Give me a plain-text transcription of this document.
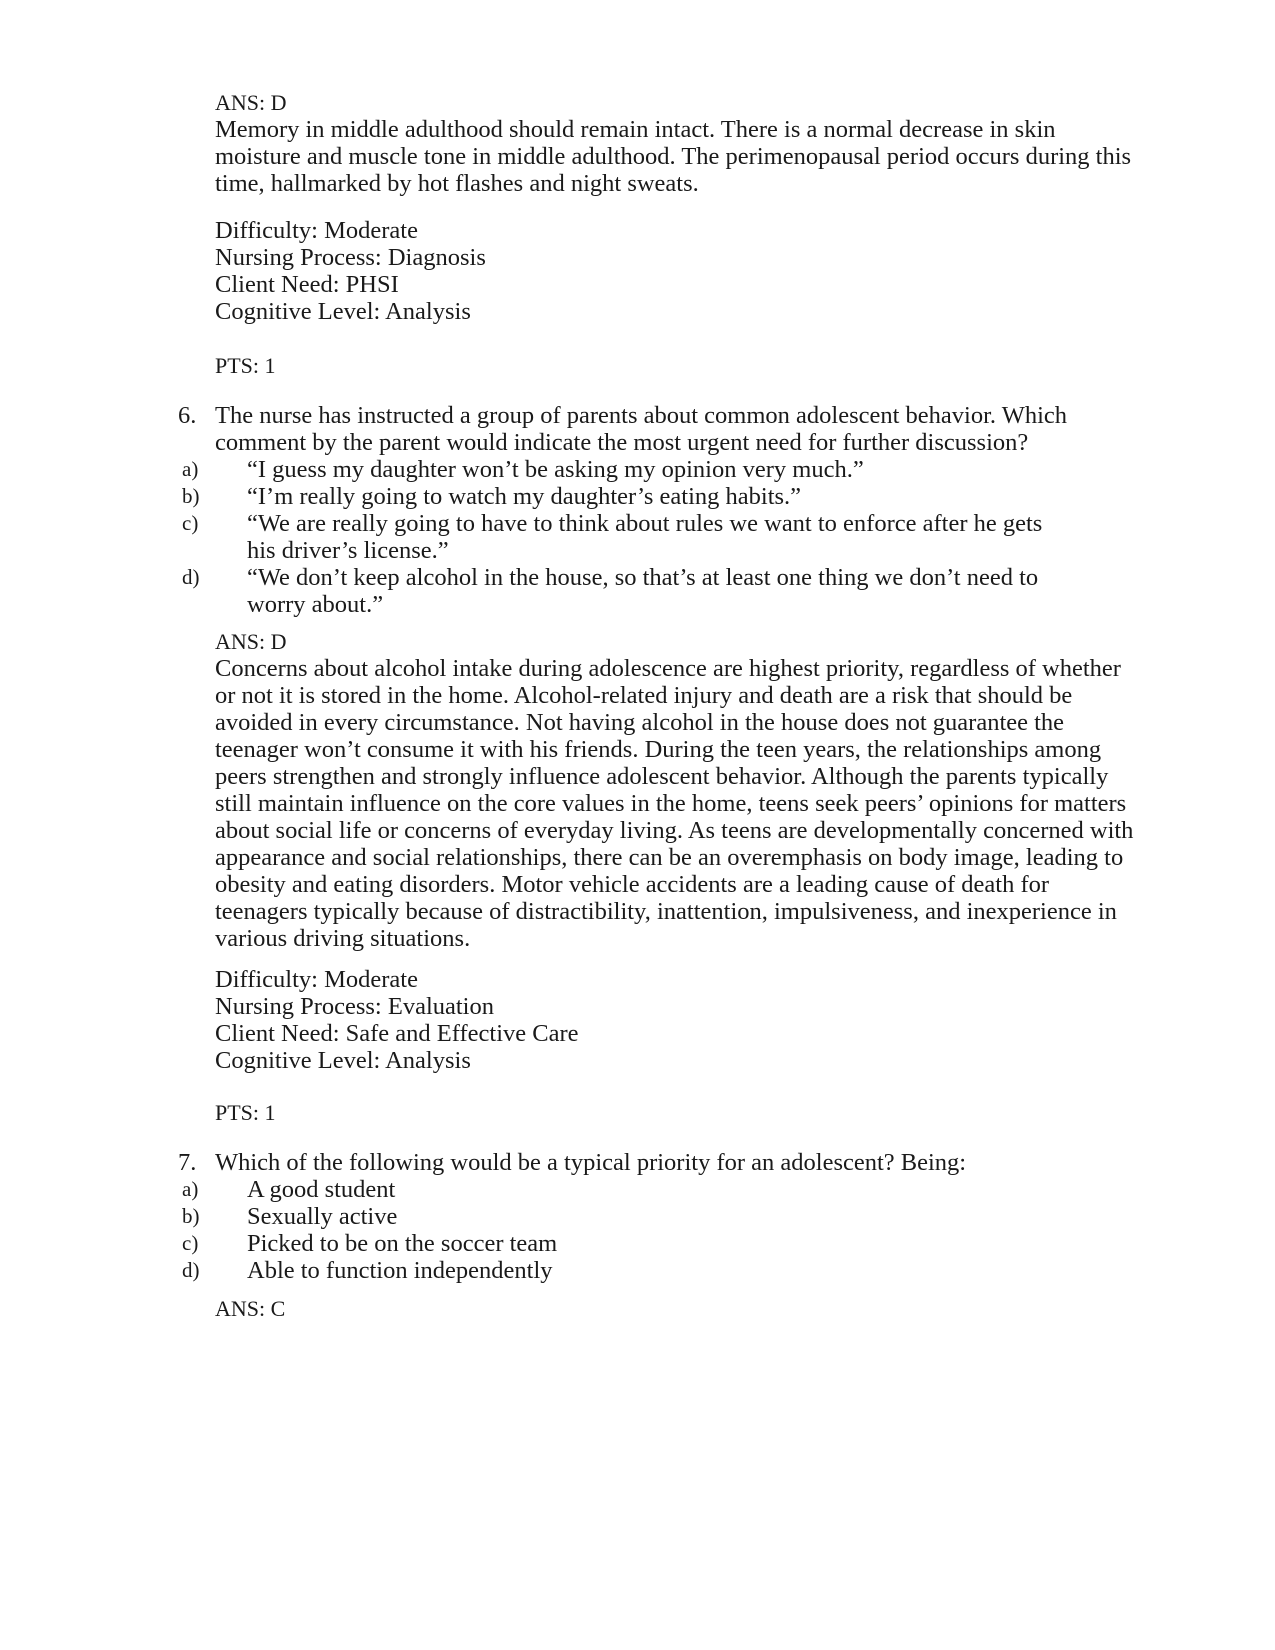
ANS: D
Memory in middle adulthood should remain intact. There is a normal decrease in skin
moisture and muscle tone in middle adulthood. The perimenopausal period occurs during this
time, hallmarked by hot flashes and night sweats.
Difficulty: Moderate
Nursing Process: Diagnosis
Client Need: PHSI
Cognitive Level: Analysis
PTS: 1
6. The nurse has instructed a group of parents about common adolescent behavior. Which
comment by the parent would indicate the most urgent need for further discussion?
a)	“I guess my daughter won’t be asking my opinion very much.”
b)	“I’m really going to watch my daughter’s eating habits.”
c)	“We are really going to have to think about rules we want to enforce after he gets
his driver’s license.”
d)	“We don’t keep alcohol in the house, so that’s at least one thing we don’t need to
worry about.”
ANS: D
Concerns about alcohol intake during adolescence are highest priority, regardless of whether
or not it is stored in the home. Alcohol-related injury and death are a risk that should be
avoided in every circumstance. Not having alcohol in the house does not guarantee the
teenager won’t consume it with his friends. During the teen years, the relationships among
peers strengthen and strongly influence adolescent behavior. Although the parents typically
still maintain influence on the core values in the home, teens seek peers’ opinions for matters
about social life or concerns of everyday living. As teens are developmentally concerned with
appearance and social relationships, there can be an overemphasis on body image, leading to
obesity and eating disorders. Motor vehicle accidents are a leading cause of death for
teenagers typically because of distractibility, inattention, impulsiveness, and inexperience in
various driving situations.
Difficulty: Moderate
Nursing Process: Evaluation
Client Need: Safe and Effective Care
Cognitive Level: Analysis
PTS: 1
7. Which of the following would be a typical priority for an adolescent? Being:
a)	A good student
b)	Sexually active
c)	Picked to be on the soccer team
d)	Able to function independently
ANS: C
